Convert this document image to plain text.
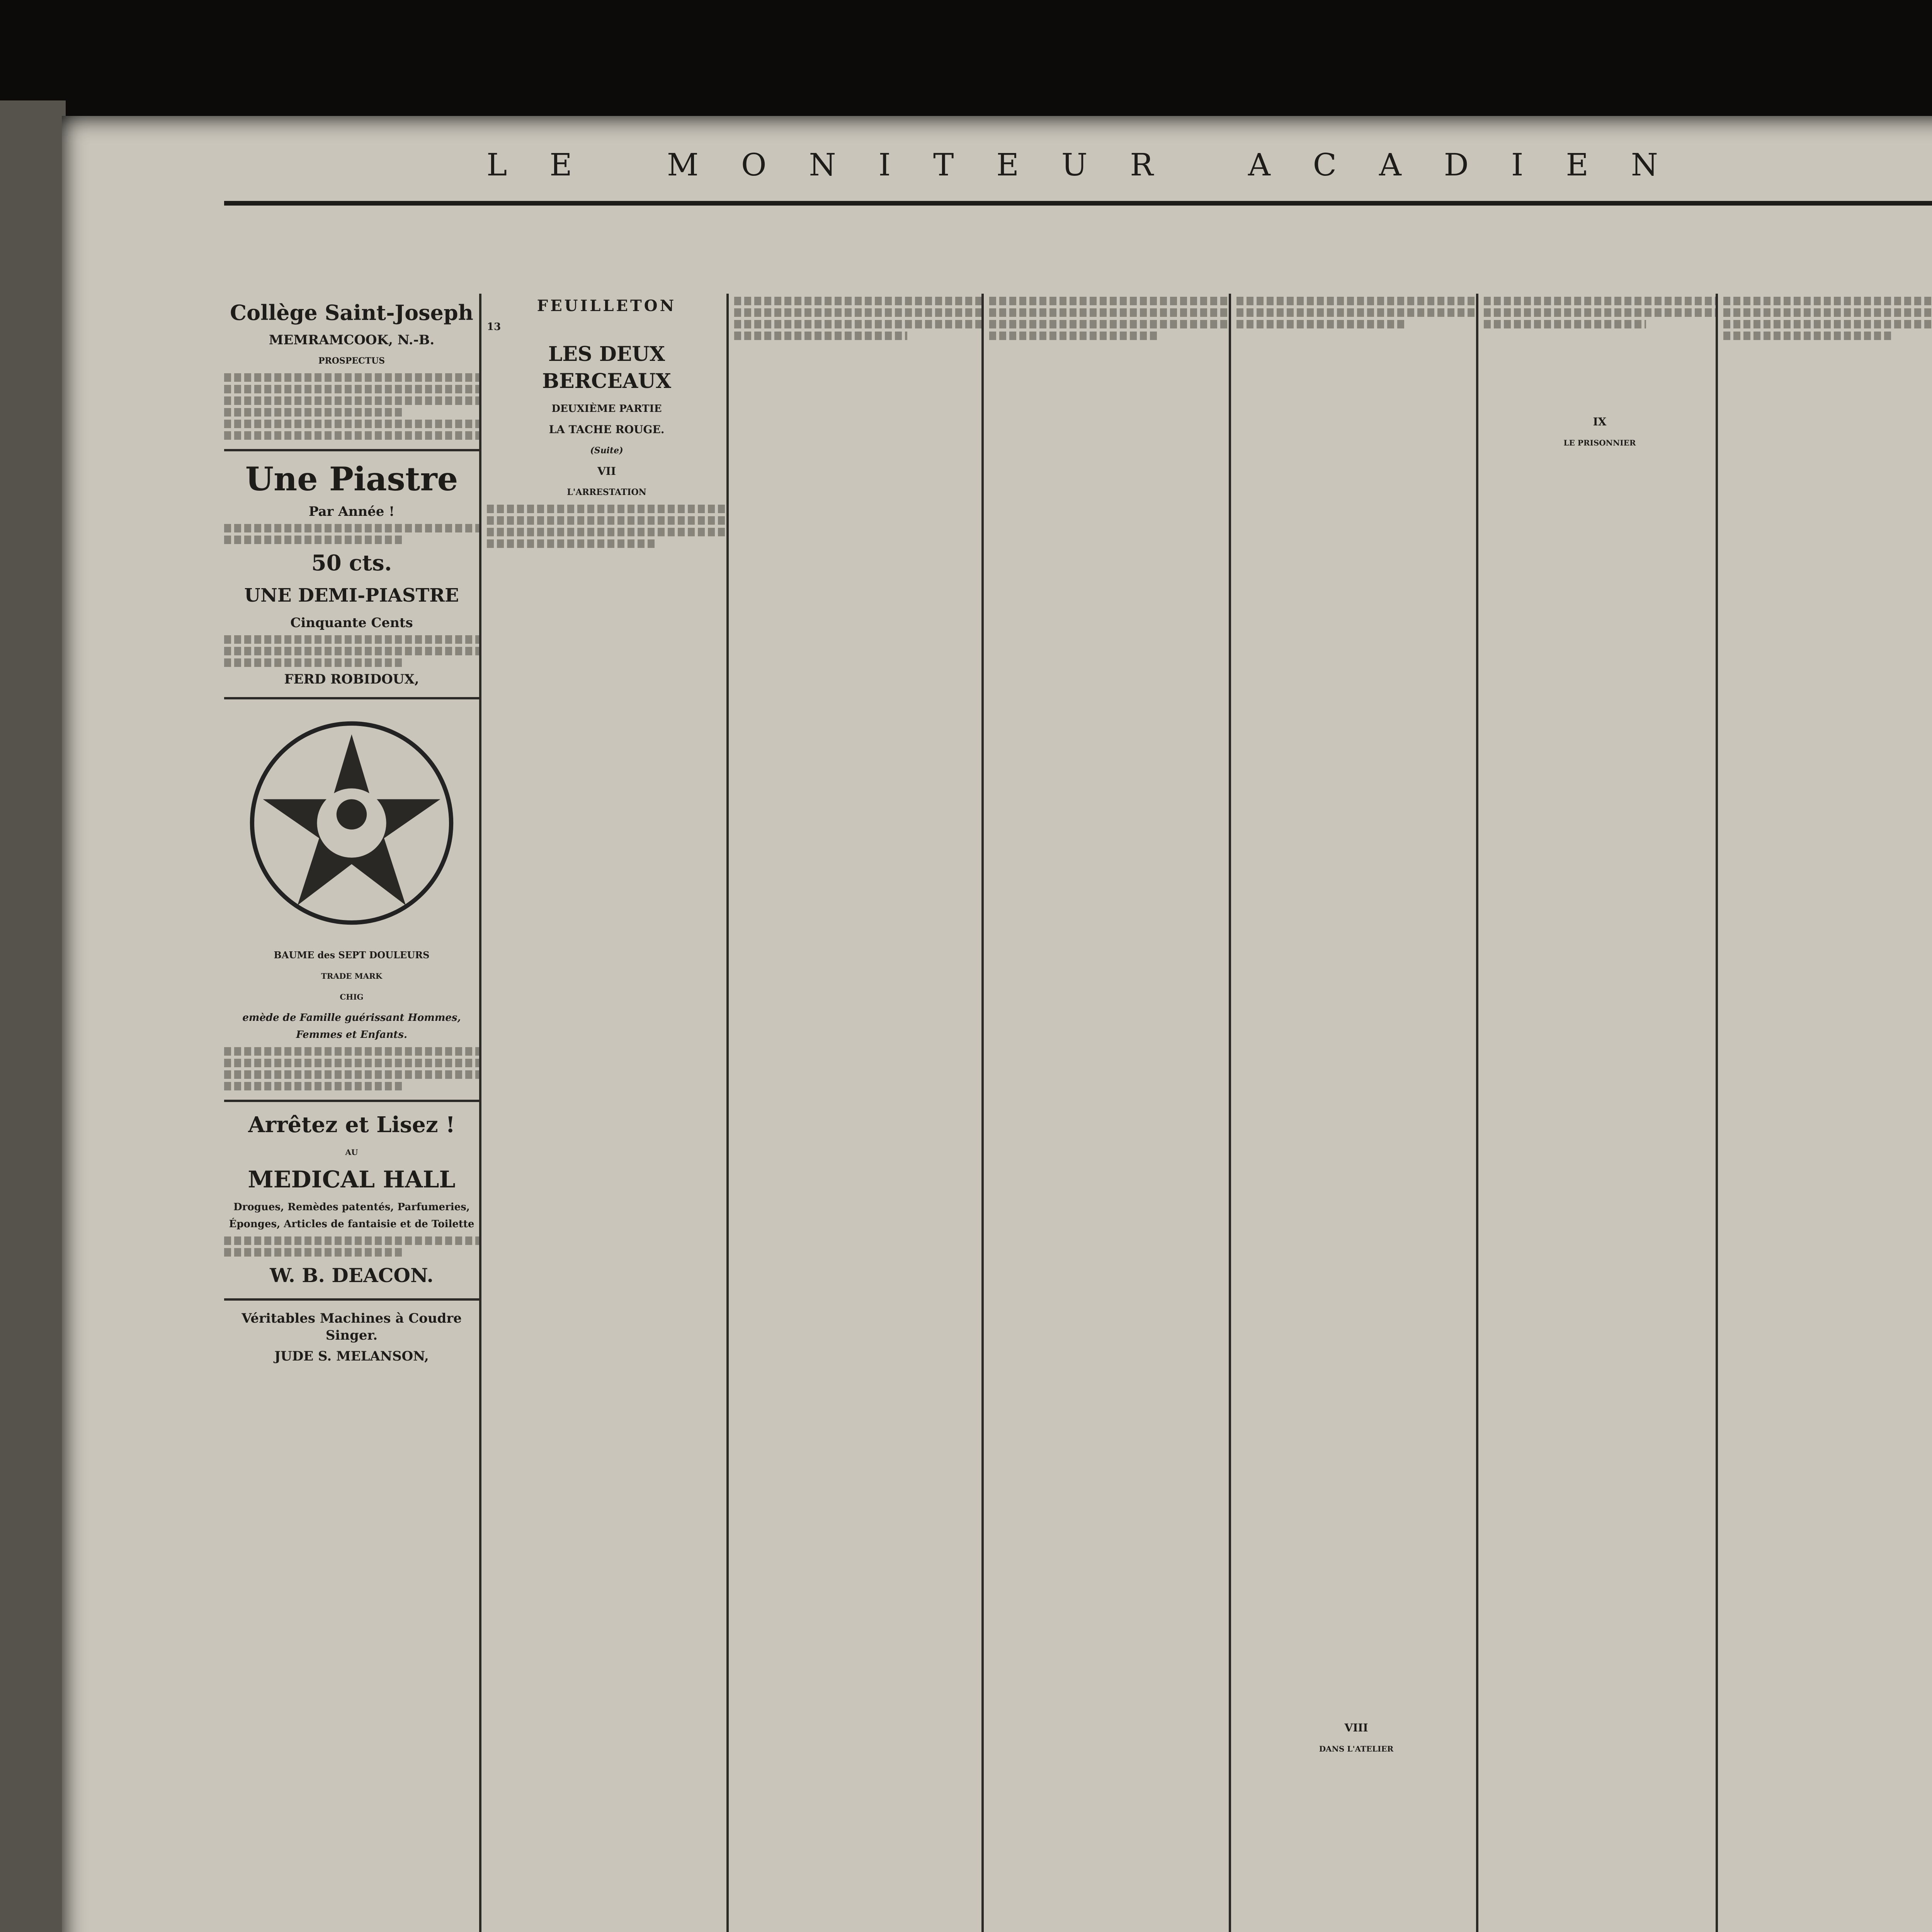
LE MONITEUR ACADIEN
Collège Saint-Joseph
MEMRAMCOOK, N.-B.
PROSPECTUS
Une Piastre
Par Année !
50 cts.
UNE DEMI-PIASTRE
Cinquante Cents
FERD ROBIDOUX,
BAUME des SEPT DOULEURS
TRADE MARK
CHIG
emède de Famille guérissant Hommes, Femmes et Enfants.
Arrêtez et Lisez !
AU
MEDICAL HALL
Drogues, Remèdes patentés, Parfumeries, Éponges, Articles de fantaisie et de Toilette
W. B. DEACON.
Véritables Machines à Coudre Singer.
JUDE S. MELANSON,
FEUILLETON
13
LES DEUX BERCEAUX
DEUXIÈME PARTIE
LA TACHE ROUGE.
(Suite)
VII
L'ARRESTATION
VIII
DANS L'ATELIER
IX
LE PRISONNIER
